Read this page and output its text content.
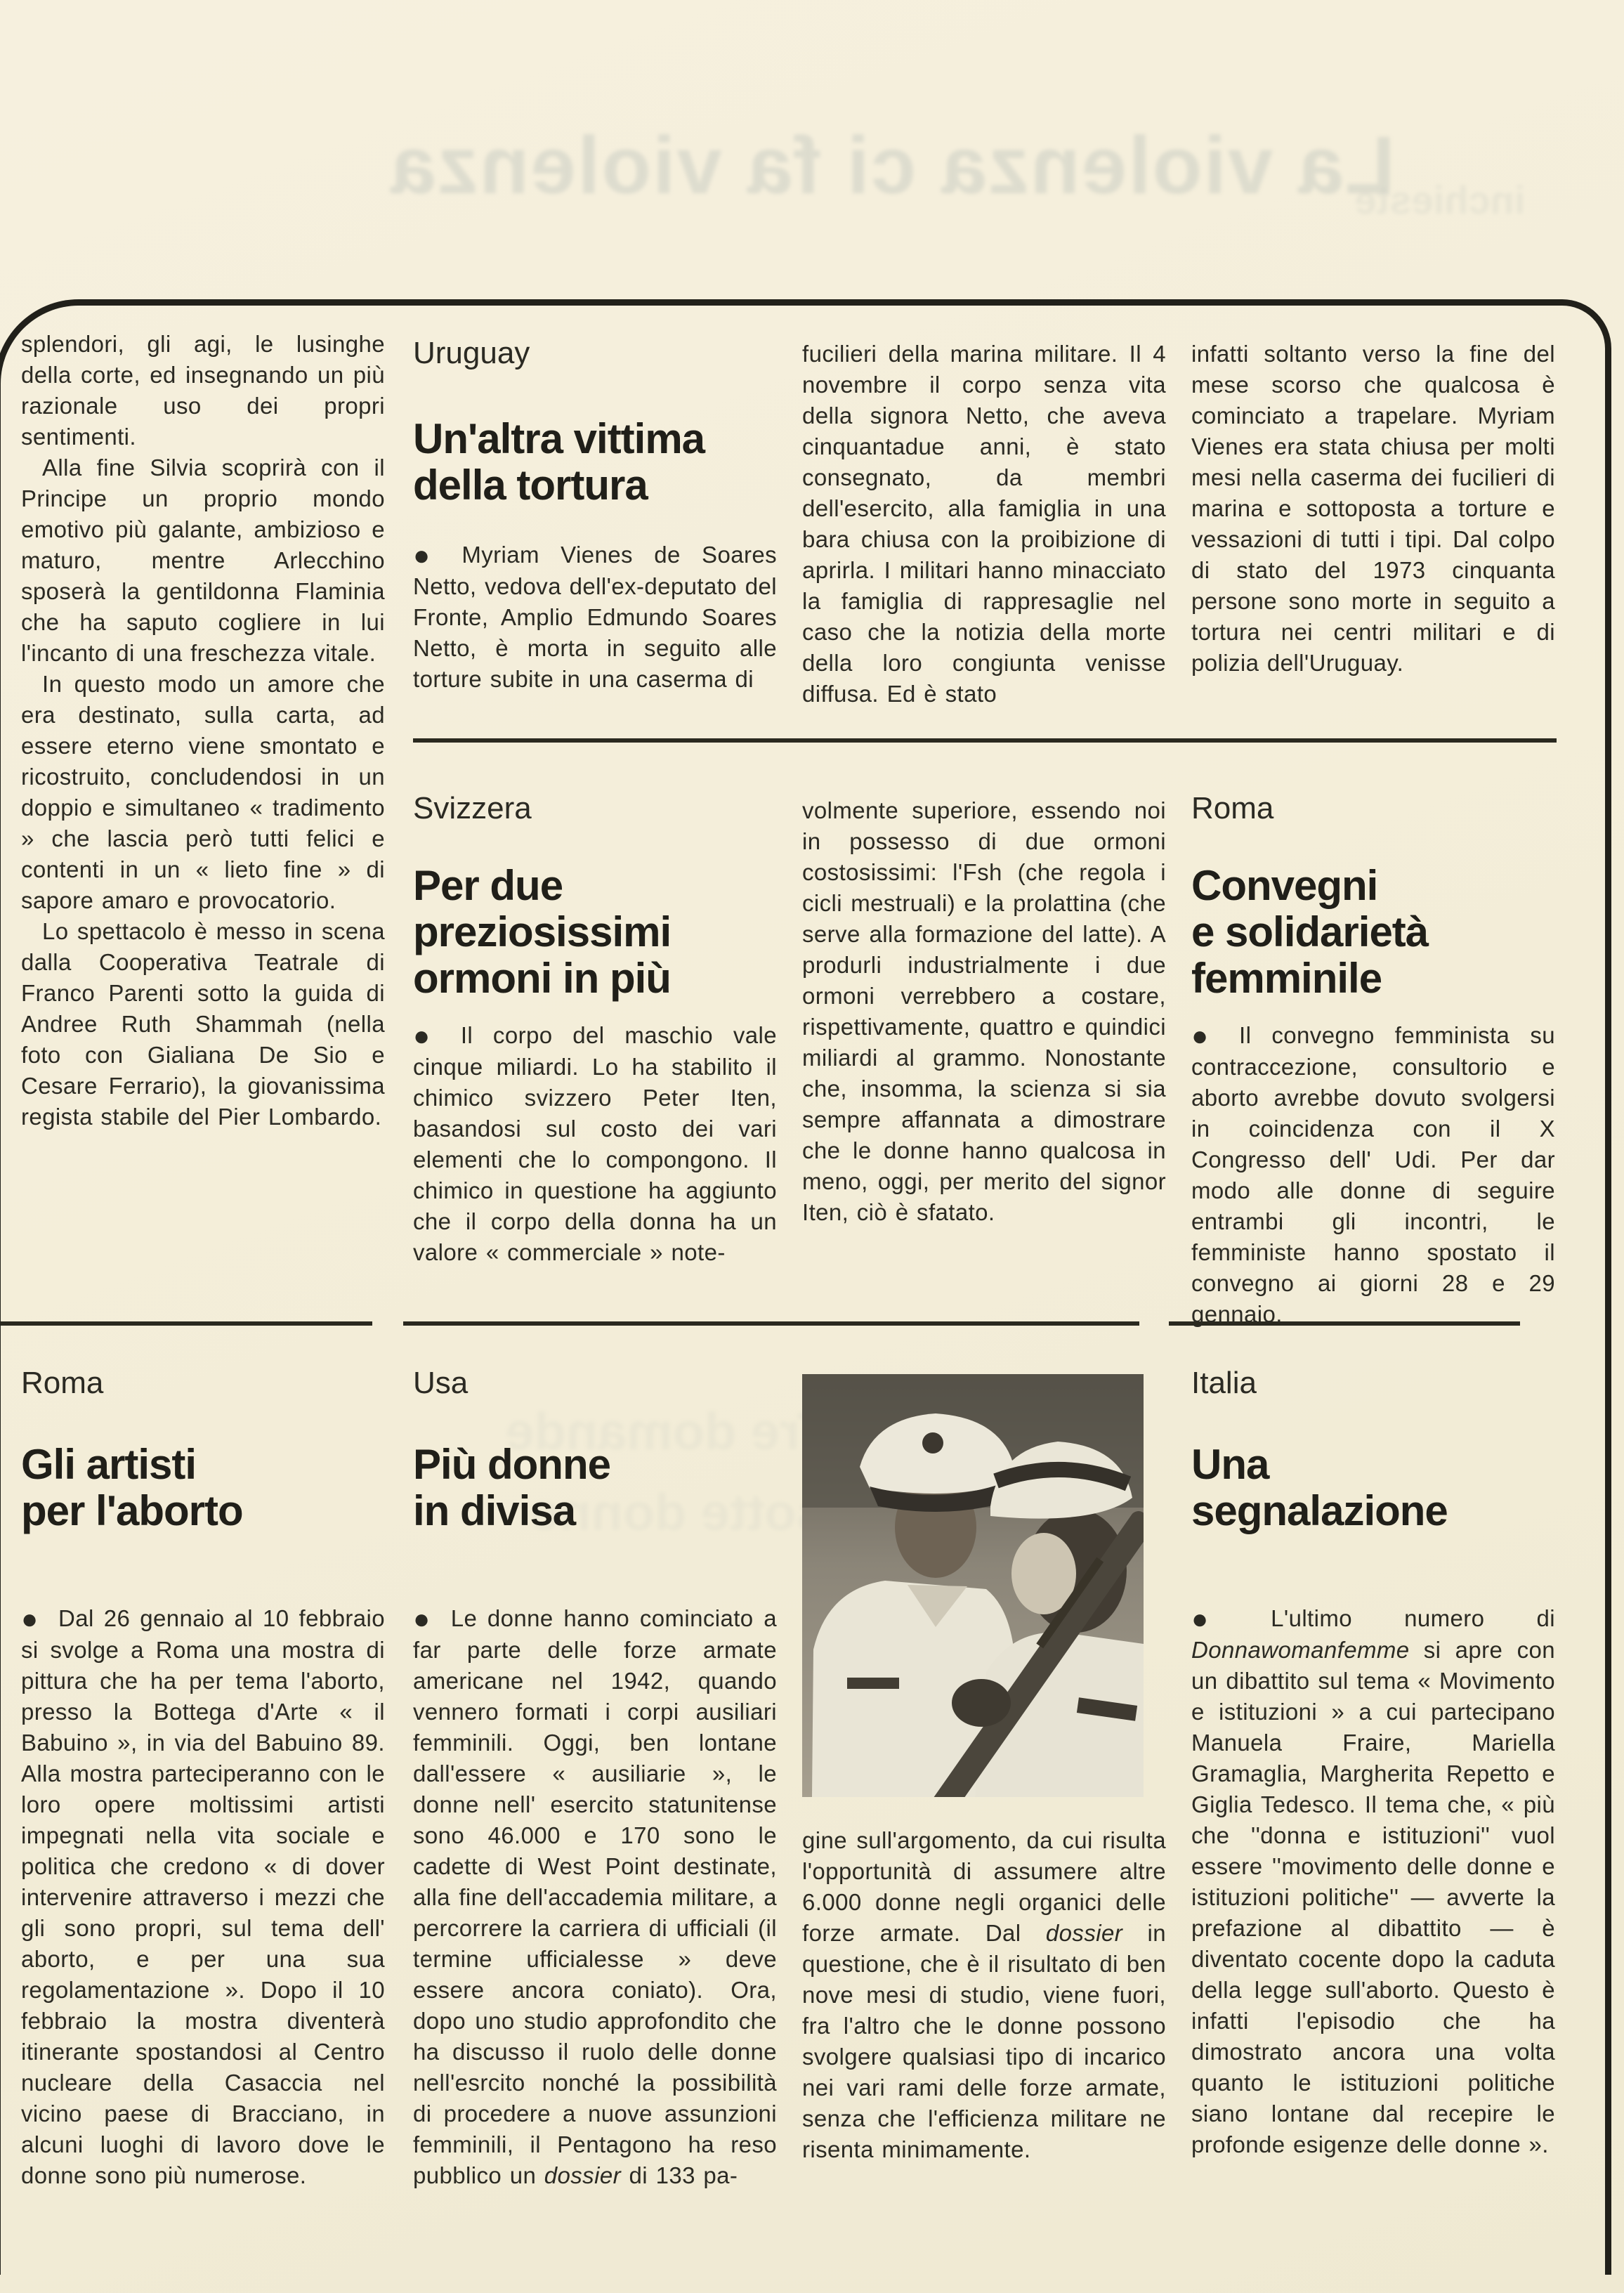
La violenza ci fa violenza
inchieste
Tre domande
sotte donne

splendori, gli agi, le lusinghe della corte, ed insegnando un più razionale uso dei propri sentimenti.

Alla fine Silvia scoprirà con il Principe un proprio mondo emotivo più galante, ambizioso e maturo, mentre Arlecchino sposerà la gentildonna Flaminia che ha saputo cogliere in lui l'incanto di una freschezza vitale.

In questo modo un amore che era destinato, sulla carta, ad essere eterno viene smontato e ricostruito, concludendosi in un doppio e simultaneo « tradimento » che lascia però tutti felici e contenti in un « lieto fine » di sapore amaro e provocatorio.

Lo spettacolo è messo in scena dalla Cooperativa Teatrale di Franco Parenti sotto la guida di Andree Ruth Shammah (nella foto con Gialiana De Sio e Cesare Ferrario), la giovanissima regista stabile del Pier Lombardo.

Uruguay
Un'altra vittima
della tortura

● Myriam Vienes de Soares Netto, vedova dell'ex-deputato del Fronte, Amplio Edmundo Soares Netto, è morta in seguito alle torture subite in una caserma di

fucilieri della marina militare. Il 4 novembre il corpo senza vita della signora Netto, che aveva cinquantadue anni, è stato consegnato, da membri dell'esercito, alla famiglia in una bara chiusa con la proibizione di aprirla. I militari hanno minacciato la famiglia di rappresaglie nel caso che la notizia della morte della loro congiunta venisse diffusa. Ed è stato

infatti soltanto verso la fine del mese scorso che qualcosa è cominciato a trapelare. Myriam Vienes era stata chiusa per molti mesi nella caserma dei fucilieri di marina e sottoposta a torture e vessazioni di tutti i tipi. Dal colpo di stato del 1973 cinquanta persone sono morte in seguito a tortura nei centri militari e di polizia dell'Uruguay.

Svizzera
Per due
preziosissimi
ormoni in più

● Il corpo del maschio vale cinque miliardi. Lo ha stabilito il chimico svizzero Peter Iten, basandosi sul costo dei vari elementi che lo compongono. Il chimico in questione ha aggiunto che il corpo della donna ha un valore « commerciale » note-

volmente superiore, essendo noi in possesso di due ormoni costosissimi: l'Fsh (che regola i cicli mestruali) e la prolattina (che serve alla formazione del latte). A produrli industrialmente i due ormoni verrebbero a costare, rispettivamente, quattro e quindici miliardi al grammo. Nonostante che, insomma, la scienza si sia sempre affannata a dimostrare che le donne hanno qualcosa in meno, oggi, per merito del signor Iten, ciò è sfatato.

Roma
Convegni
e solidarietà
femminile

● Il convegno femminista su contraccezione, consultorio e aborto avrebbe dovuto svolgersi in coincidenza con il X Congresso dell' Udi. Per dar modo alle donne di seguire entrambi gli incontri, le femministe hanno spostato il convegno ai giorni 28 e 29 gennaio.

Roma
Gli artisti
per l'aborto

● Dal 26 gennaio al 10 febbraio si svolge a Roma una mostra di pittura che ha per tema l'aborto, presso la Bottega d'Arte « il Babuino », in via del Babuino 89. Alla mostra parteciperanno con le loro opere moltissimi artisti impegnati nella vita sociale e politica che credono « di dover intervenire attraverso i mezzi che gli sono propri, sul tema dell' aborto, e per una sua regolamentazione ». Dopo il 10 febbraio la mostra diventerà itinerante spostandosi al Centro nucleare della Casaccia nel vicino paese di Bracciano, in alcuni luoghi di lavoro dove le donne sono più numerose.

Usa
Più donne
in divisa

● Le donne hanno cominciato a far parte delle forze armate americane nel 1942, quando vennero formati i corpi ausiliari femminili. Oggi, ben lontane dall'essere « ausiliarie », le donne nell' esercito statunitense sono 46.000 e 170 sono le cadette di West Point destinate, alla fine dell'accademia militare, a percorrere la carriera di ufficiali (il termine ufficialesse » deve essere ancora coniato). Ora, dopo uno studio approfondito che ha discusso il ruolo delle donne nell'esrcito nonché la possibilità di procedere a nuove assunzioni femminili, il Pentagono ha reso pubblico un dossier di 133 pa-

gine sull'argomento, da cui risulta l'opportunità di assumere altre 6.000 donne negli organici delle forze armate. Dal dossier in questione, che è il risultato di ben nove mesi di studio, viene fuori, fra l'altro che le donne possono svolgere qualsiasi tipo di incarico nei vari rami delle forze armate, senza che l'efficienza militare ne risenta minimamente.

Italia
Una
segnalazione

● L'ultimo numero di Donnawomanfemme si apre con un dibattito sul tema « Movimento e istituzioni » a cui partecipano Manuela Fraire, Mariella Gramaglia, Margherita Repetto e Giglia Tedesco. Il tema che, « più che ''donna e istituzioni'' vuol essere ''movimento delle donne e istituzioni politiche'' — avverte la prefazione al dibattito — è diventato cocente dopo la caduta della legge sull'aborto. Questo è infatti l'episodio che ha dimostrato ancora una volta quanto le istituzioni politiche siano lontane dal recepire le profonde esigenze delle donne ».
